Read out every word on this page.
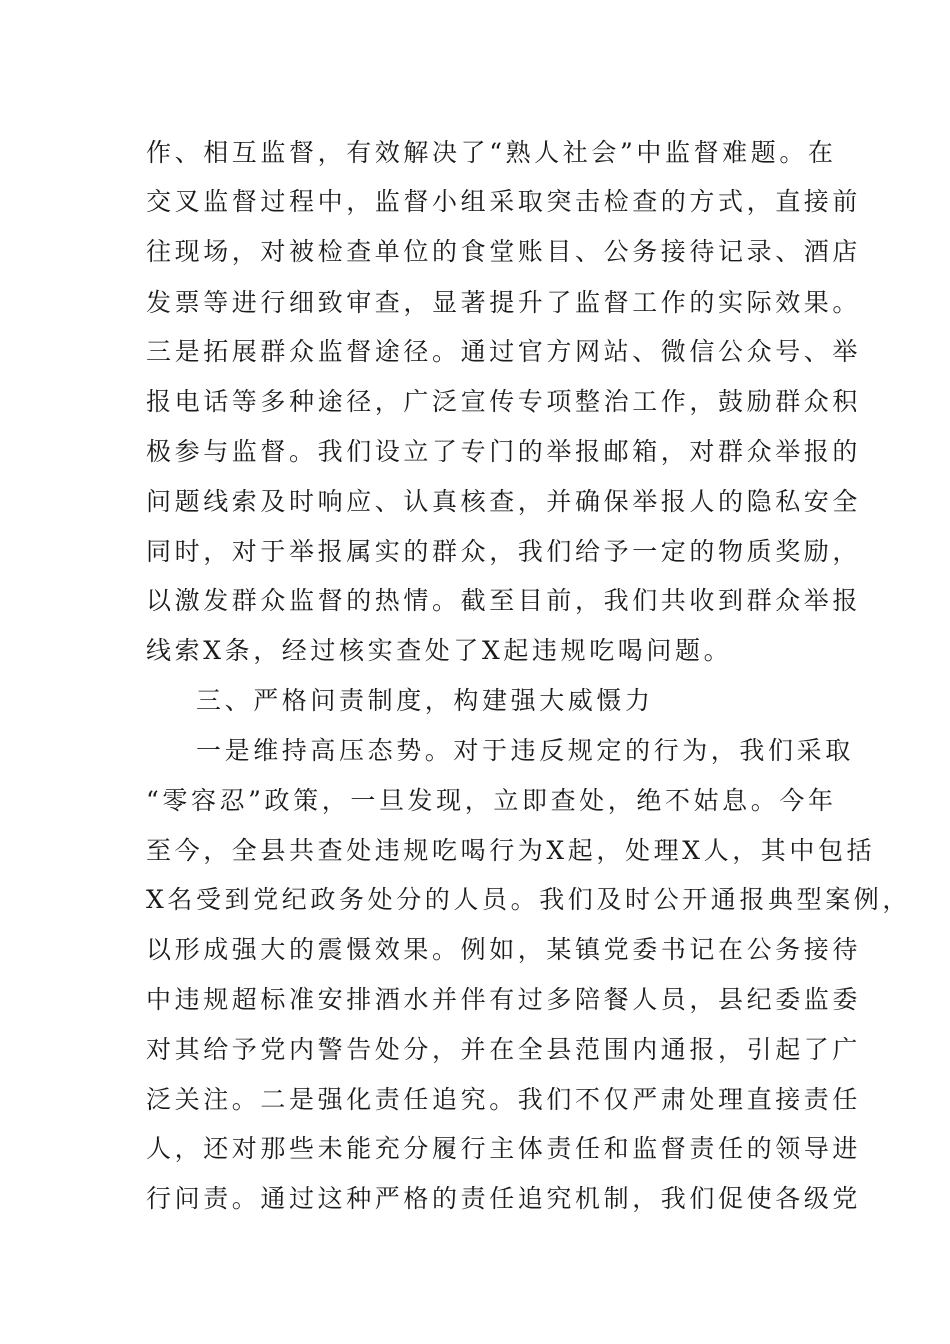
作、相互监督，有效解决了“熟人社会”中监督难题。在
交叉监督过程中，监督小组采取突击检查的方式，直接前
往现场，对被检查单位的食堂账目、公务接待记录、酒店
发票等进行细致审查，显著提升了监督工作的实际效果。
三是拓展群众监督途径。通过官方网站、微信公众号、举
报电话等多种途径，广泛宣传专项整治工作，鼓励群众积
极参与监督。我们设立了专门的举报邮箱，对群众举报的
问题线索及时响应、认真核查，并确保举报人的隐私安全
同时，对于举报属实的群众，我们给予一定的物质奖励，
以激发群众监督的热情。截至目前，我们共收到群众举报
线索X条，经过核实查处了X起违规吃喝问题。
三、严格问责制度，构建强大威慑力
一是维持高压态势。对于违反规定的行为，我们采取
“零容忍”政策，一旦发现，立即查处，绝不姑息。今年
至今，全县共查处违规吃喝行为X起，处理X人，其中包括
X名受到党纪政务处分的人员。我们及时公开通报典型案例，
以形成强大的震慑效果。例如，某镇党委书记在公务接待
中违规超标准安排酒水并伴有过多陪餐人员，县纪委监委
对其给予党内警告处分，并在全县范围内通报，引起了广
泛关注。二是强化责任追究。我们不仅严肃处理直接责任
人，还对那些未能充分履行主体责任和监督责任的领导进
行问责。通过这种严格的责任追究机制，我们促使各级党
